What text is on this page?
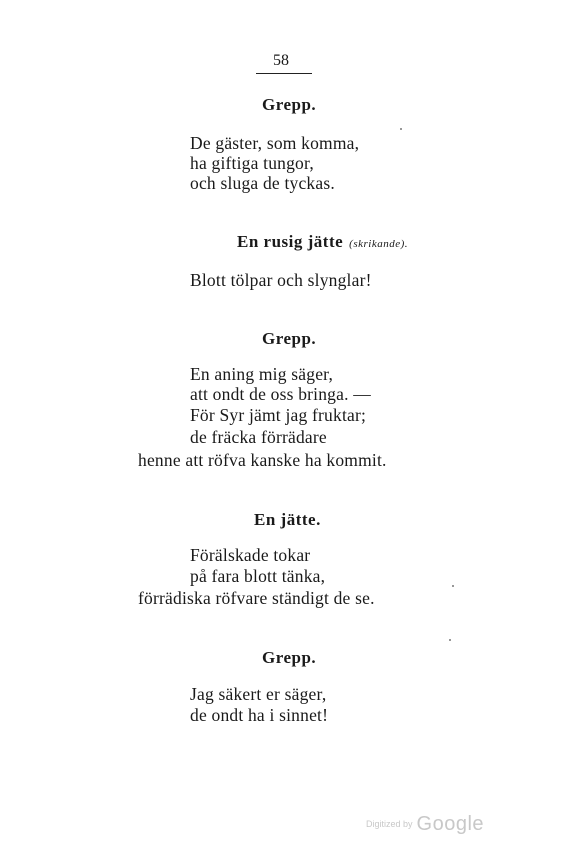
58
Grepp.
De gäster, som komma,
ha giftiga tungor,
och sluga de tyckas.
En rusig jätte (skrikande).
Blott tölpar och slynglar!
Grepp.
En aning mig säger,
att ondt de oss bringa. —
För Syr jämt jag fruktar;
de fräcka förrädare
henne att röfva kanske ha kommit.
En jätte.
Förälskade tokar
på fara blott tänka,
förrädiska röfvare ständigt de se.
Grepp.
Jag säkert er säger,
de ondt ha i sinnet!
Digitized by Google
